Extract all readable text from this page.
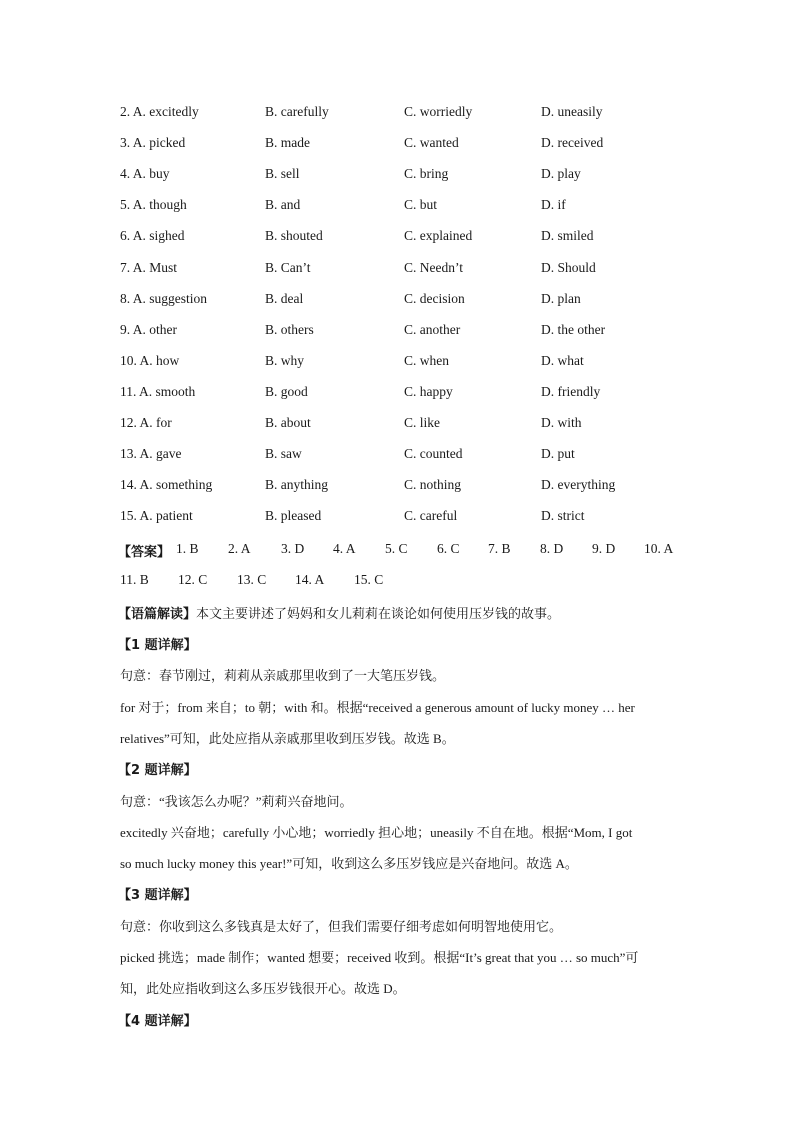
2. A. excitedly	B. carefully	C. worriedly	D. uneasily
3. A. picked	B. made	C. wanted	D. received
4. A. buy	B. sell	C. bring	D. play
5. A. though	B. and	C. but	D. if
6. A. sighed	B. shouted	C. explained	D. smiled
7. A. Must	B. Can’t	C. Needn’t	D. Should
8. A. suggestion	B. deal	C. decision	D. plan
9. A. other	B. others	C. another	D. the other
10. A. how	B. why	C. when	D. what
11. A. smooth	B. good	C. happy	D. friendly
12. A. for	B. about	C. like	D. with
13. A. gave	B. saw	C. counted	D. put
14. A. something	B. anything	C. nothing	D. everything
15. A. patient	B. pleased	C. careful	D. strict
【答案】 1. B 2. A 3. D 4. A 5. C 6. C 7. B 8. D 9. D 10. A
11. B 12. C 13. C 14. A 15. C
【语篇解读】本文主要讲述了妈妈和女儿莉莉在谈论如何使用压岁钱的故事。
【1 题详解】
句意：春节刚过，莉莉从亲戚那里收到了一大笔压岁钱。
for 对于；from 来自；to 朝；with 和。根据“received a generous amount of lucky money … her
relatives”可知，此处应指从亲戚那里收到压岁钱。故选 B。
【2 题详解】
句意：“我该怎么办呢？”莉莉兴奋地问。
excitedly 兴奋地；carefully 小心地；worriedly 担心地；uneasily 不自在地。根据“Mom, I got
so much lucky money this year!”可知，收到这么多压岁钱应是兴奋地问。故选 A。
【3 题详解】
句意：你收到这么多钱真是太好了，但我们需要仔细考虑如何明智地使用它。
picked 挑选；made 制作；wanted 想要；received 收到。根据“It’s great that you … so much”可
知，此处应指收到这么多压岁钱很开心。故选 D。
【4 题详解】
